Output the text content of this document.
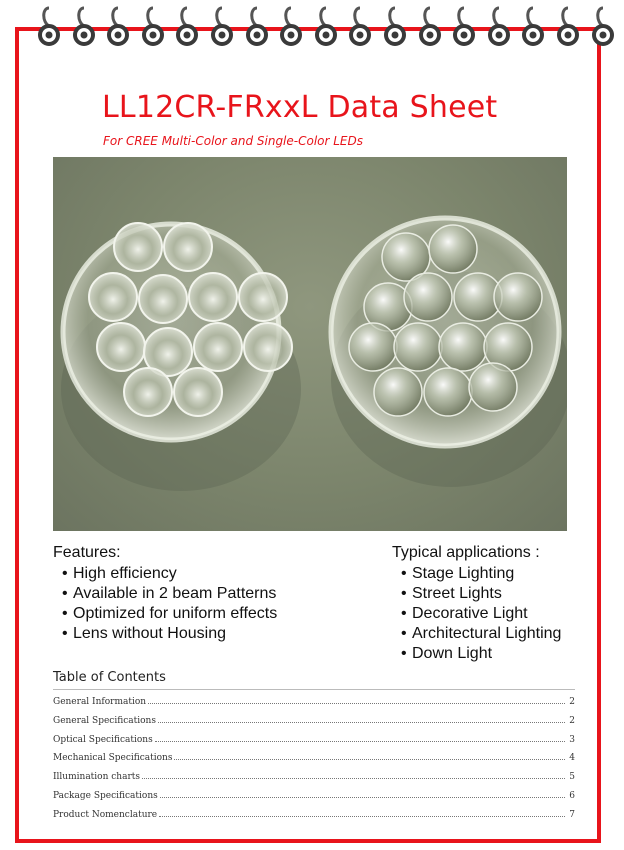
LL12CR-FRxxL Data Sheet
For CREE Multi-Color and Single-Color LEDs
Features:
• High efficiency
• Available in 2 beam Patterns
• Optimized for uniform effects
• Lens without Housing
Typical applications :
• Stage Lighting
• Street Lights
• Decorative Light
• Architectural Lighting
• Down Light
Table of Contents
General Information	2
General Specifications	2
Optical Specifications	3
Mechanical Specifications	4
Illumination charts	5
Package Specifications	6
Product Nomenclature	7
